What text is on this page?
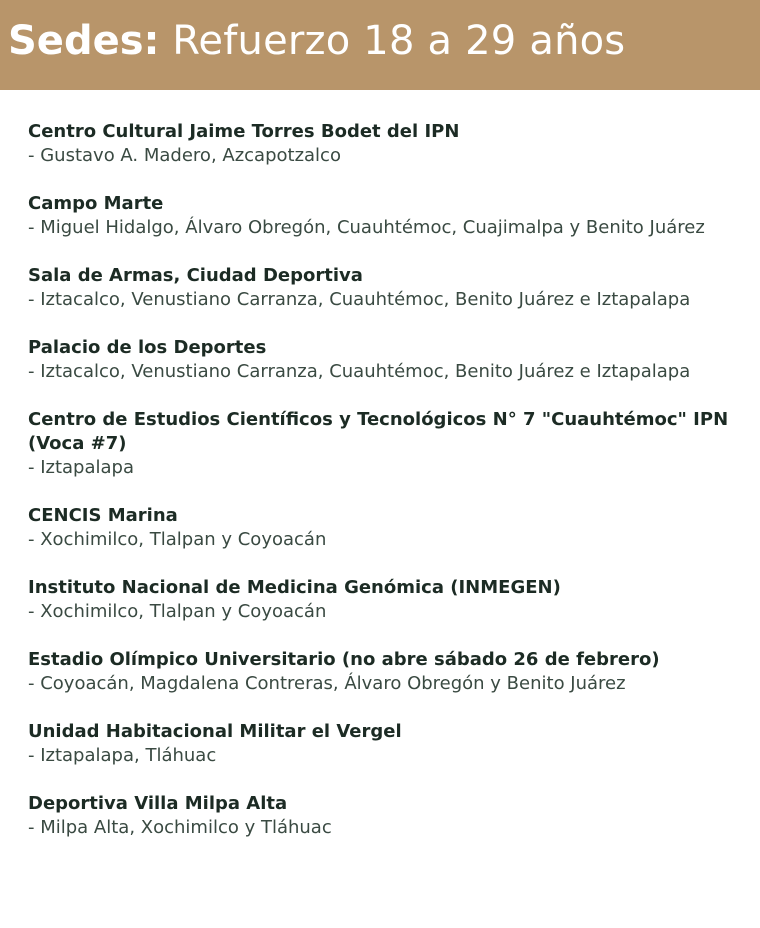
Sedes: Refuerzo 18 a 29 años
Centro Cultural Jaime Torres Bodet del IPN
- Gustavo A. Madero, Azcapotzalco
Campo Marte
- Miguel Hidalgo, Álvaro Obregón, Cuauhtémoc, Cuajimalpa y Benito Juárez
Sala de Armas, Ciudad Deportiva
- Iztacalco, Venustiano Carranza, Cuauhtémoc, Benito Juárez e Iztapalapa
Palacio de los Deportes
- Iztacalco, Venustiano Carranza, Cuauhtémoc, Benito Juárez e Iztapalapa
Centro de Estudios Científicos y Tecnológicos N° 7 "Cuauhtémoc" IPN (Voca #7)
- Iztapalapa
CENCIS Marina
- Xochimilco, Tlalpan y Coyoacán
Instituto Nacional de Medicina Genómica (INMEGEN)
- Xochimilco, Tlalpan y Coyoacán
Estadio Olímpico Universitario (no abre sábado 26 de febrero)
- Coyoacán, Magdalena Contreras, Álvaro Obregón y Benito Juárez
Unidad Habitacional Militar el Vergel
- Iztapalapa, Tláhuac
Deportiva Villa Milpa Alta
- Milpa Alta, Xochimilco y Tláhuac
